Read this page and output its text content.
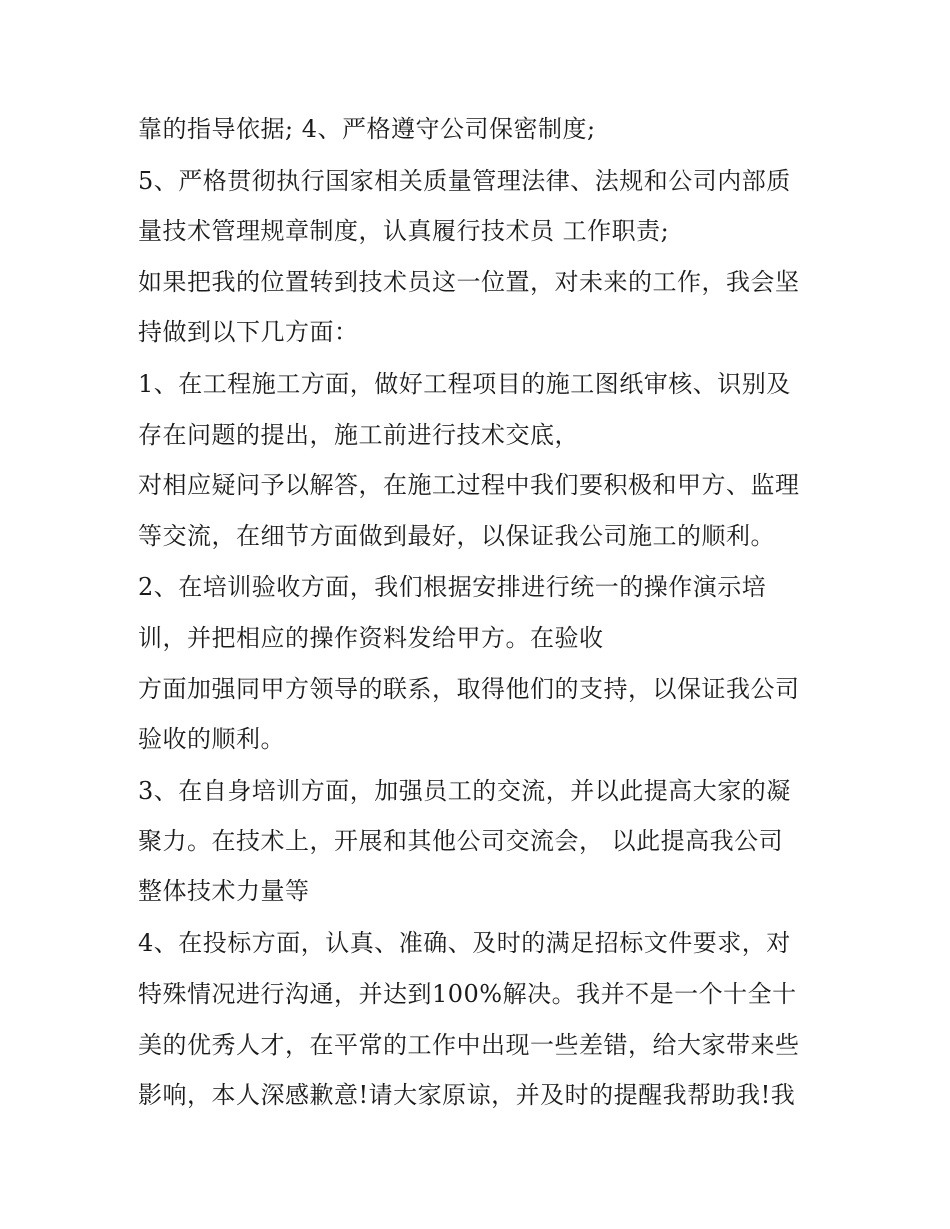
靠的指导依据; 4、严格遵守公司保密制度;
5、严格贯彻执行国家相关质量管理法律、法规和公司内部质
量技术管理规章制度，认真履行技术员 工作职责;
如果把我的位置转到技术员这一位置，对未来的工作，我会坚
持做到以下几方面：
1、在工程施工方面，做好工程项目的施工图纸审核、识别及
存在问题的提出，施工前进行技术交底，
对相应疑问予以解答，在施工过程中我们要积极和甲方、监理
等交流，在细节方面做到最好，以保证我公司施工的顺利。
2、在培训验收方面，我们根据安排进行统一的操作演示培
训，并把相应的操作资料发给甲方。在验收
方面加强同甲方领导的联系，取得他们的支持，以保证我公司
验收的顺利。
3、在自身培训方面，加强员工的交流，并以此提高大家的凝
聚力。在技术上，开展和其他公司交流会， 以此提高我公司
整体技术力量等
4、在投标方面，认真、准确、及时的满足招标文件要求，对
特殊情况进行沟通，并达到100%解决。我并不是一个十全十
美的优秀人才，在平常的工作中出现一些差错，给大家带来些
影响，本人深感歉意!请大家原谅，并及时的提醒我帮助我!我
